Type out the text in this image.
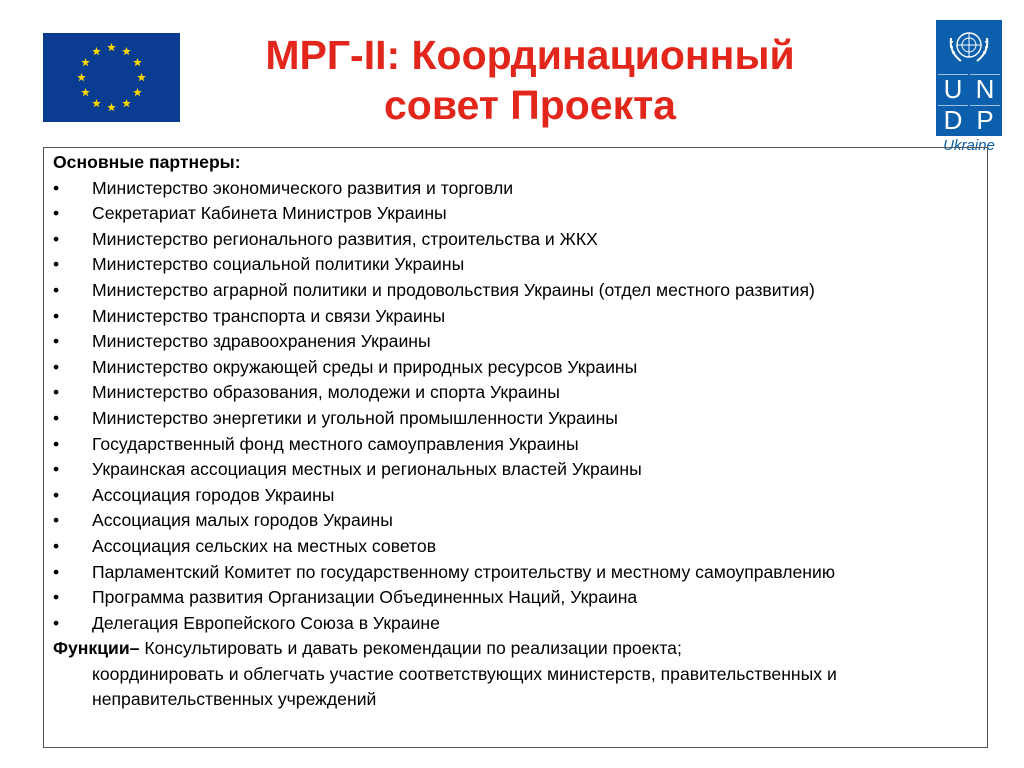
МРГ-II: Координационный
совет Проекта	U N
D P
Ukraine
Основные партнеры:
• Министерство экономического развития и торговли
• Секретариат Кабинета Министров Украины
• Министерство регионального развития, строительства и ЖКХ
• Министерство социальной политики Украины
• Министерство аграрной политики и продовольствия Украины (отдел местного развития)
• Министерство транспорта и связи Украины
• Министерство здравоохранения Украины
• Министерство окружающей среды и природных ресурсов Украины
• Министерство образования, молодежи и спорта Украины
• Министерство энергетики и угольной промышленности Украины
• Государственный фонд местного самоуправления Украины
• Украинская ассоциация местных и региональных властей Украины
• Ассоциация городов Украины
• Ассоциация малых городов Украины
• Ассоциация сельских на местных советов
• Парламентский Комитет по государственному строительству и местному самоуправлению
• Программа развития Организации Объединенных Наций, Украина
• Делегация Европейского Союза в Украине
Функции– Консультировать и давать рекомендации по реализации проекта;
координировать и облегчать участие соответствующих министерств, правительственных и неправительственных учреждений
